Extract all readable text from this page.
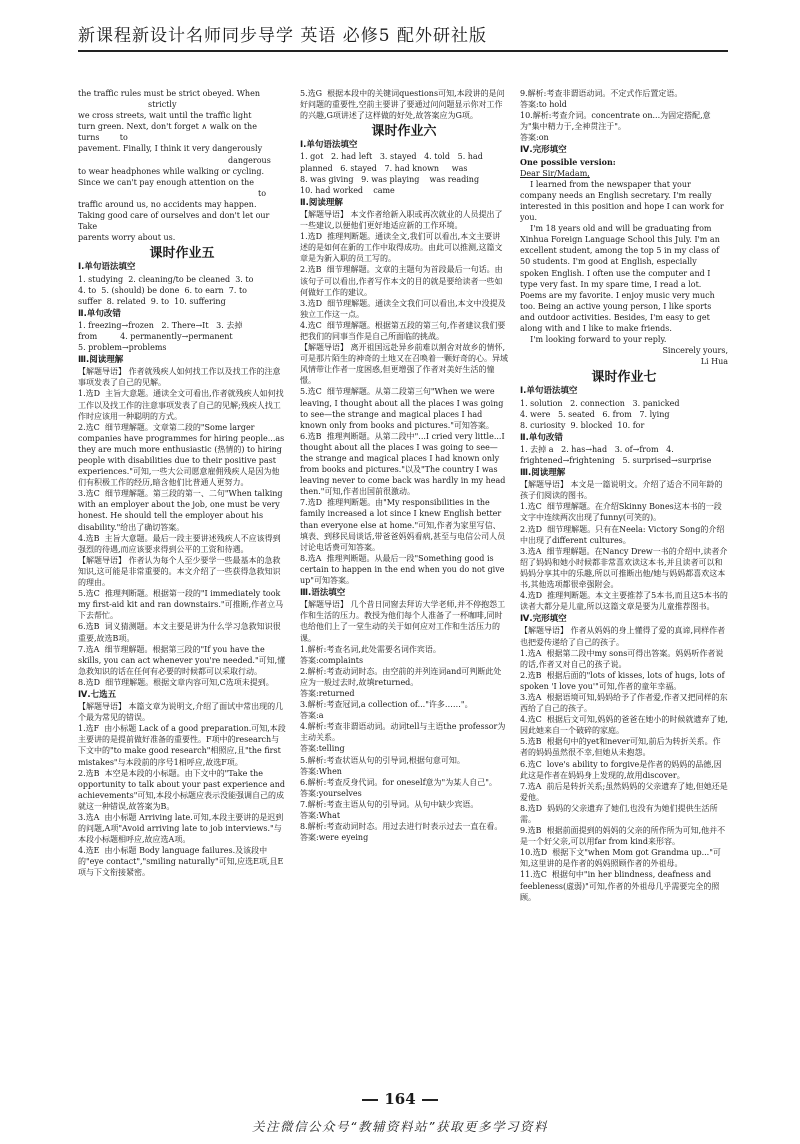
新课程新设计名师同步导学 英语 必修5 配外研社版

the traffic rules must be strict obeyed. When

strictly

we cross streets, wait until the traffic light

turn green. Next, don't forget ∧ walk on the

turns        to

pavement. Finally, I think it very dangerously

dangerous

to wear headphones while walking or cycling.

Since we can't pay enough attention on the

to

traffic around us, no accidents may happen.

Taking good care of ourselves and don't let our

Take

parents worry about us.

课时作业五

Ⅰ.单句语法填空

1. studying  2. cleaning/to be cleaned  3. to

4. to  5. (should) be done  6. to earn  7. to

suffer  8. related  9. to  10. suffering

Ⅱ.单句改错

1. freezing→frozen   2. There→It   3. 去掉

from         4. permanently→permanent

5. problem→problems

Ⅲ.阅读理解

【解题导语】 作者就残疾人如何找工作以及找工作的注意事项发表了自己的见解。

1.选D  主旨大意题。通读全文可看出,作者就残疾人如何找工作以及找工作的注意事项发表了自己的见解;残疾人找工作时应该用一种聪明的方式。

2.选C  细节理解题。文章第二段的"Some larger companies have programmes for hiring people...as they are much more enthusiastic (热情的) to hiring people with disabilities due to their positive past experiences."可知,一些大公司愿意雇佣残疾人是因为他们有积极工作的经历,暗含他们比普通人更努力。

3.选C  细节理解题。第三段的第一、二句"When talking with an employer about the job, one must be very honest. He should tell the employer about his disability."给出了确切答案。

4.选B  主旨大意题。最后一段主要讲述残疾人不应该得到强烈的待遇,而应该要求得到公平的工资和待遇。

【解题导语】 作者认为每个人至少要学一些最基本的急救知识,这可能是非常重要的。本文介绍了一些获得急救知识的理由。

5.选C  推理判断题。根据第一段的"I immediately took my first-aid kit and ran downstairs."可推断,作者立马下去帮忙。

6.选B  词义猜测题。本文主要是讲为什么学习急救知识很重要,故选B项。

7.选A  细节理解题。根据第三段的"If you have the skills, you can act whenever you're needed."可知,懂急救知识的话在任何有必要的时候都可以采取行动。

8.选D  细节理解题。根据文章内容可知,C选项未提到。

Ⅳ.七选五

【解题导语】 本篇文章为说明文,介绍了面试中常出现的几个最为常见的错误。

1.选F  由小标题 Lack of a good preparation.可知,本段主要讲的是提前做好准备的重要性。F项中的research与下文中的"to make good research"相照应,且"the first mistakes"与本段前的序号1相呼应,故选F项。

2.选B  本空是本段的小标题。由下文中的"Take the opportunity to talk about your past experience and achievements"可知,本段小标题应表示没能强调自己的成就这一种错误,故答案为B。

3.选A  由小标题 Arriving late.可知,本段主要讲的是迟到的问题,A项"Avoid arriving late to job interviews."与本段小标题相呼应,故应选A项。

4.选E  由小标题 Body language failures.及该段中的"eye contact","smiling naturally"可知,应选E项,且E项与下文衔接紧密。

5.选G  根据本段中的关键词questions可知,本段讲的是问好问题的重要性,空前主要讲了要通过问问题显示你对工作的兴趣,G项讲述了这样做的好处,故答案应为G项。

课时作业六

Ⅰ.单句语法填空

1. got   2. had left   3. stayed   4. told   5. had

planned   6. stayed   7. had known     was

8. was giving   9. was playing    was reading

10. had worked    came

Ⅱ.阅读理解

【解题导语】 本文作者给新入职或再次就业的人员提出了一些建议,以便他们更好地适应新的工作环境。

1.选D  推理判断题。通读全文,我们可以看出,本文主要讲述的是如何在新的工作中取得成功。由此可以推测,这篇文章是为新入职的员工写的。

2.选B  细节理解题。文章的主题句为首段最后一句话。由该句子可以看出,作者写作本文的目的就是要给读者一些如何做好工作的建议。

3.选D  细节理解题。通读全文我们可以看出,本文中没提及独立工作这一点。

4.选C  细节理解题。根据第五段的第三句,作者建议我们要把我们的同事当作是自己所面临的挑战。

【解题导语】 离开祖国远赴异乡前难以割舍对故乡的情怀,可是那片陌生的神奇的土地又在召唤着一颗好奇的心。异域风情带让作者一度困惑,但更增强了作者对美好生活的憧憬。

5.选C  细节理解题。从第二段第三句"When we were leaving, I thought about all the places I was going to see—the strange and magical places I had known only from books and pictures."可知答案。

6.选B  推理判断题。从第二段中"...I cried very little...I thought about all the places I was going to see—the strange and magical places I had known only from books and pictures."以及"The country I was leaving never to come back was hardly in my head then."可知,作者出国前很激动。

7.选D  推理判断题。由"My responsibilities in the family increased a lot since I knew English better than everyone else at home."可知,作者为家里写信、填表、到移民局谈话,带爸爸妈妈看病,甚至与电信公司人员讨论电话费可知答案。

8.选A  推理判断题。从最后一段"Something good is certain to happen in the end when you do not give up"可知答案。

Ⅲ.语法填空

【解题导语】 几个昔日同窗去拜访大学老师,并不停抱怨工作和生活的压力。教授为他们每个人准备了一杯咖啡,同时也给他们上了一堂生动的关于如何应对工作和生活压力的课。

1.解析:考查名词,此处需要名词作宾语。

答案:complaints

2.解析:考查动词时态。由空前的并列连词and可判断此处应为一般过去时,故填returned。

答案:returned

3.解析:考查冠词,a collection of..."许多……"。

答案:a

4.解析:考查非谓语动词。动词tell与主语the professor为主动关系。

答案:telling

5.解析:考查状语从句的引导词,根据句意可知。

答案:When

6.解析:考查反身代词。for oneself意为"为某人自己"。

答案:yourselves

7.解析:考查主语从句的引导词。从句中缺少宾语。

答案:What

8.解析:考查动词时态。用过去进行时表示过去一直在看。

答案:were eyeing

9.解析:考查非谓语动词。不定式作后置定语。

答案:to hold

10.解析:考查介词。concentrate on...为固定搭配,意为"集中精力于,全神贯注于"。

答案:on

Ⅳ.完形填空

One possible version:

Dear Sir/Madam,

I learned from the newspaper that your company needs an English secretary. I'm really interested in this position and hope I can work for you.

I'm 18 years old and will be graduating from Xinhua Foreign Language School this July. I'm an excellent student, among the top 5 in my class of 50 students. I'm good at English, especially spoken English. I often use the computer and I type very fast. In my spare time, I read a lot. Poems are my favorite. I enjoy music very much too. Being an active young person, I like sports and outdoor activities. Besides, I'm easy to get along with and I like to make friends.

I'm looking forward to your reply.

Sincerely yours,

Li Hua

课时作业七

Ⅰ.单句语法填空

1. solution   2. connection   3. panicked

4. were   5. seated   6. from   7. lying

8. curiosity  9. blocked  10. for

Ⅱ.单句改错

1. 去掉 a   2. has→had   3. of→from   4.

frightened→frightening   5. surprised→surprise

Ⅲ.阅读理解

【解题导语】 本文是一篇说明文。介绍了适合不同年龄的孩子们阅读的图书。

1.选C  细节理解题。在介绍Skinny Bones这本书的一段文字中连续两次出现了funny(可笑的)。

2.选D  细节理解题。只有在Neela: Victory Song的介绍中出现了different cultures。

3.选A  细节理解题。在Nancy Drew一书的介绍中,读者介绍了妈妈和她小时候都非常喜欢读这本书,并且读者可以和妈妈分享其中的乐趣,所以可推断出他/她与妈妈都喜欢这本书,其他选项都很牵强附会。

4.选D  推理判断题。本文主要推荐了5本书,而且这5本书的读者大都分是儿童,所以这篇文章是要为儿童推荐图书。

Ⅳ.完形填空

【解题导语】 作者从妈妈的身上懂得了爱的真谛,同样作者也把爱传递给了自己的孩子。

1.选A  根据第二段中my sons可得出答案。妈妈听作者说的话,作者又对自己的孩子说。

2.选B  根据后面的"lots of kisses, lots of hugs, lots of spoken 'I love you'"可知,作者的童年幸福。

3.选A  根据语境可知,妈妈给予了作者爱,作者又把同样的东西给了自己的孩子。

4.选C  根据后文可知,妈妈的爸爸在她小的时候就遗弃了她,因此她来自一个破碎的家庭。

5.选B  根据句中的yet和never可知,前后为转折关系。作者的妈妈虽然很不幸,但她从未抱怨。

6.选C  love's ability to forgive是作者的妈妈的品德,因此这是作者在妈妈身上发现的,故用discover。

7.选A  前后是转折关系;虽然妈妈的父亲遗弃了她,但她还是爱他。

8.选D  妈妈的父亲遗弃了她们,也没有为她们提供生活所需。

9.选B  根据前面提到的妈妈的父亲的所作所为可知,他并不是一个好父亲,可以用far from kind来形容。

10.选D  根据下文"when Mom got Grandma up..."可知,这里讲的是作者的妈妈照顾作者的外祖母。

11.选C  根据句中"in her blindness, deafness and feebleness(虚弱)"可知,作者的外祖母几乎需要完全的照顾。

164
关注微信公众号“教辅资料站”获取更多学习资料
